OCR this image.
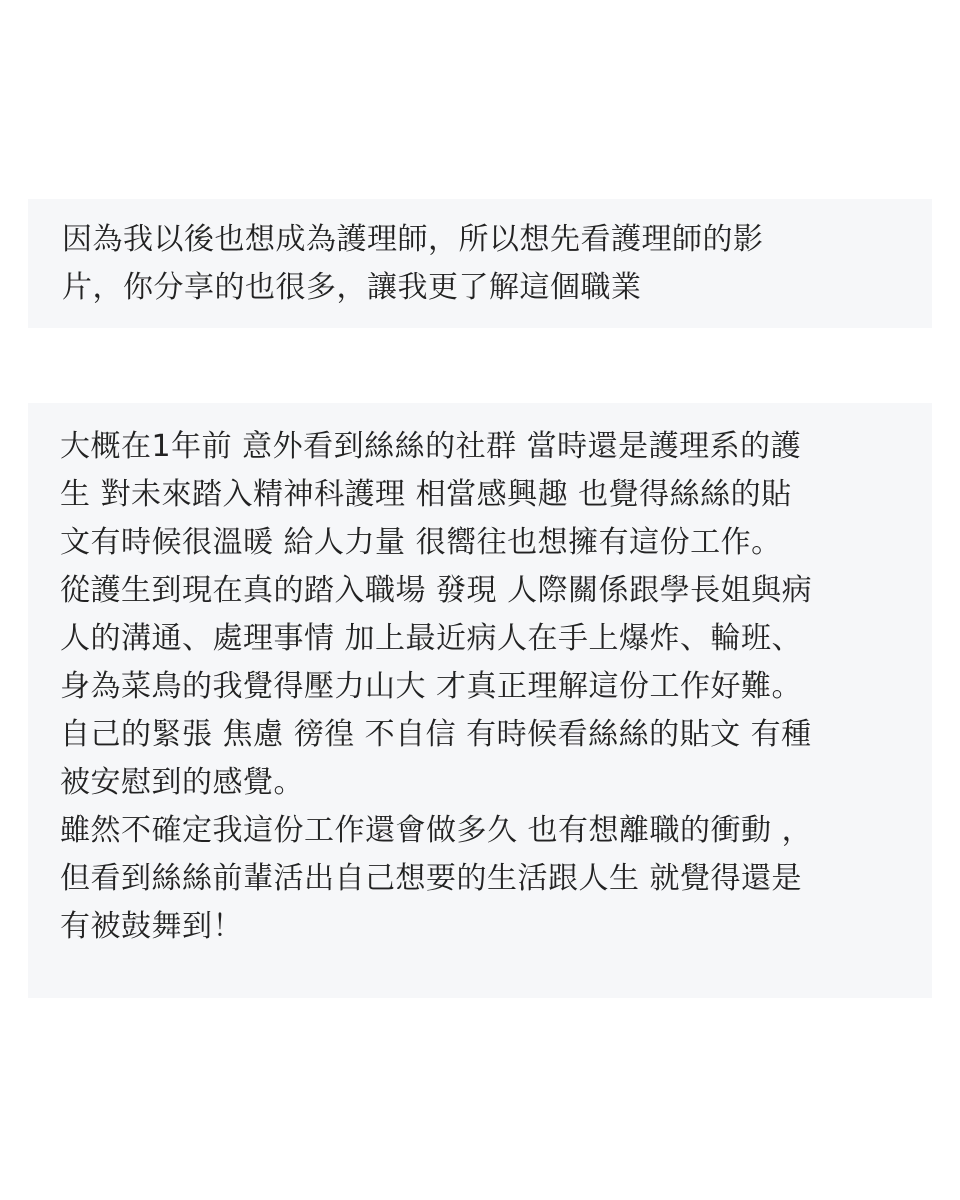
因為我以後也想成為護理師，所以想先看護理師的影
片，你分享的也很多，讓我更了解這個職業
大概在1年前 意外看到絲絲的社群 當時還是護理系的護
生 對未來踏入精神科護理 相當感興趣 也覺得絲絲的貼
文有時候很溫暖 給人力量 很嚮往也想擁有這份工作。
從護生到現在真的踏入職場 發現 人際關係跟學長姐與病
人的溝通、處理事情 加上最近病人在手上爆炸、輪班、
身為菜鳥的我覺得壓力山大 才真正理解這份工作好難。
自己的緊張 焦慮 徬徨 不自信 有時候看絲絲的貼文 有種
被安慰到的感覺。
雖然不確定我這份工作還會做多久 也有想離職的衝動 ，
但看到絲絲前輩活出自己想要的生活跟人生 就覺得還是
有被鼓舞到！
